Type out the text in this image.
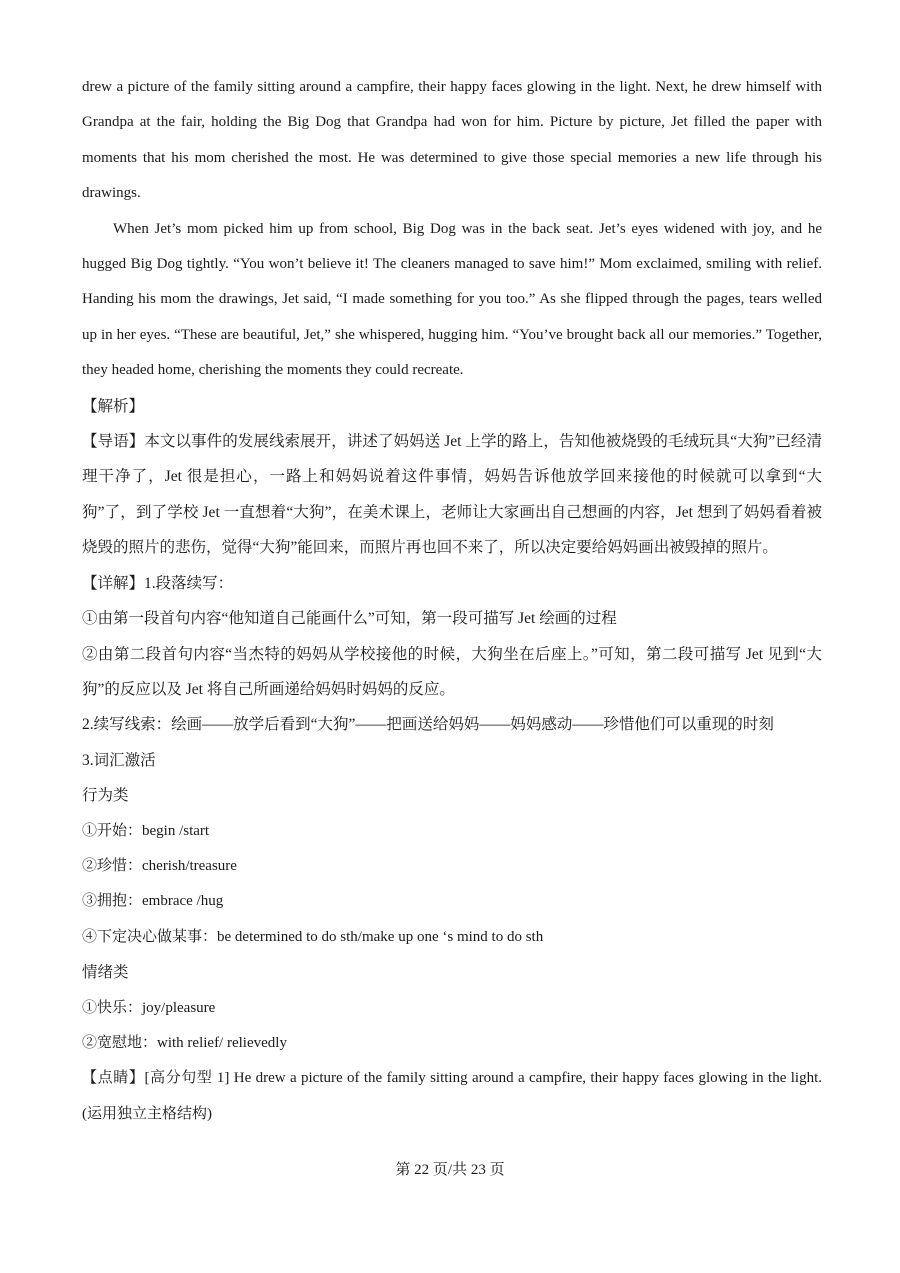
drew a picture of the family sitting around a campfire, their happy faces glowing in the light. Next, he drew himself with Grandpa at the fair, holding the Big Dog that Grandpa had won for him. Picture by picture, Jet filled the paper with moments that his mom cherished the most. He was determined to give those special memories a new life through his drawings.

When Jet’s mom picked him up from school, Big Dog was in the back seat. Jet’s eyes widened with joy, and he hugged Big Dog tightly. “You won’t believe it! The cleaners managed to save him!” Mom exclaimed, smiling with relief. Handing his mom the drawings, Jet said, “I made something for you too.” As she flipped through the pages, tears welled up in her eyes. “These are beautiful, Jet,” she whispered, hugging him. “You’ve brought back all our memories.” Together, they headed home, cherishing the moments they could recreate.

【解析】

【导语】本文以事件的发展线索展开，讲述了妈妈送 Jet 上学的路上，告知他被烧毁的毛绒玩具“大狗”已经清理干净了，Jet 很是担心，一路上和妈妈说着这件事情，妈妈告诉他放学回来接他的时候就可以拿到“大狗”了，到了学校 Jet 一直想着“大狗”，在美术课上，老师让大家画出自己想画的内容，Jet 想到了妈妈看着被烧毁的照片的悲伤，觉得“大狗”能回来，而照片再也回不来了，所以决定要给妈妈画出被毁掉的照片。

【详解】1.段落续写：

①由第一段首句内容“他知道自己能画什么”可知，第一段可描写 Jet 绘画的过程

②由第二段首句内容“当杰特的妈妈从学校接他的时候，大狗坐在后座上。”可知，第二段可描写 Jet 见到“大狗”的反应以及 Jet 将自己所画递给妈妈时妈妈的反应。

2.续写线索：绘画——放学后看到“大狗”——把画送给妈妈——妈妈感动——珍惜他们可以重现的时刻

3.词汇激活

行为类

①开始：begin /start

②珍惜：cherish/treasure

③拥抱：embrace /hug

④下定决心做某事：be determined to do sth/make up one ‘s mind to do sth

情绪类

①快乐：joy/pleasure

②宽慰地：with relief/ relievedly

【点睛】[高分句型 1] He drew a picture of the family sitting around a campfire, their happy faces glowing in the light. (运用独立主格结构)

第 22 页/共 23 页
